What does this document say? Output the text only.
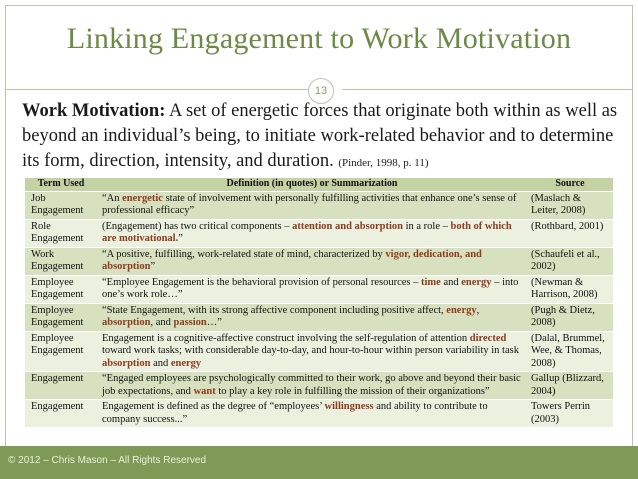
Linking Engagement to Work Motivation
13
Work Motivation: A set of energetic forces that originate both within as well as beyond an individual’s being, to initiate work-related behavior and to determine its form, direction, intensity, and duration. (Pinder, 1998, p. 11)
Term Used	Definition (in quotes) or Summarization	Source
Job Engagement	“An energetic state of involvement with personally fulfilling activities that enhance one’s sense of professional efficacy”	(Maslach & Leiter, 2008)
Role Engagement	(Engagement) has two critical components – attention and absorption in a role – both of which are motivational.”	(Rothbard, 2001)
Work Engagement	“A positive, fulfilling, work-related state of mind, characterized by vigor, dedication, and absorption”	(Schaufeli et al., 2002)
Employee Engagement	“Employee Engagement is the behavioral provision of personal resources – time and energy – into one’s work role…”	(Newman & Harrison, 2008)
Employee Engagement	“State Engagement, with its strong affective component including positive affect, energy, absorption, and passion…”	(Pugh & Dietz, 2008)
Employee Engagement	Engagement is a cognitive-affective construct involving the self-regulation of attention directed toward work tasks; with considerable day-to-day, and hour-to-hour within person variability in task absorption and energy	(Dalal, Brummel, Wee, & Thomas, 2008)
Engagement	“Engaged employees are psychologically committed to their work, go above and beyond their basic job expectations, and want to play a key role in fulfilling the mission of their organizations”	Gallup (Blizzard, 2004)
Engagement	Engagement is defined as the degree of “employees’ willingness and ability to contribute to company success...”	Towers Perrin (2003)
© 2012 – Chris Mason – All Rights Reserved
